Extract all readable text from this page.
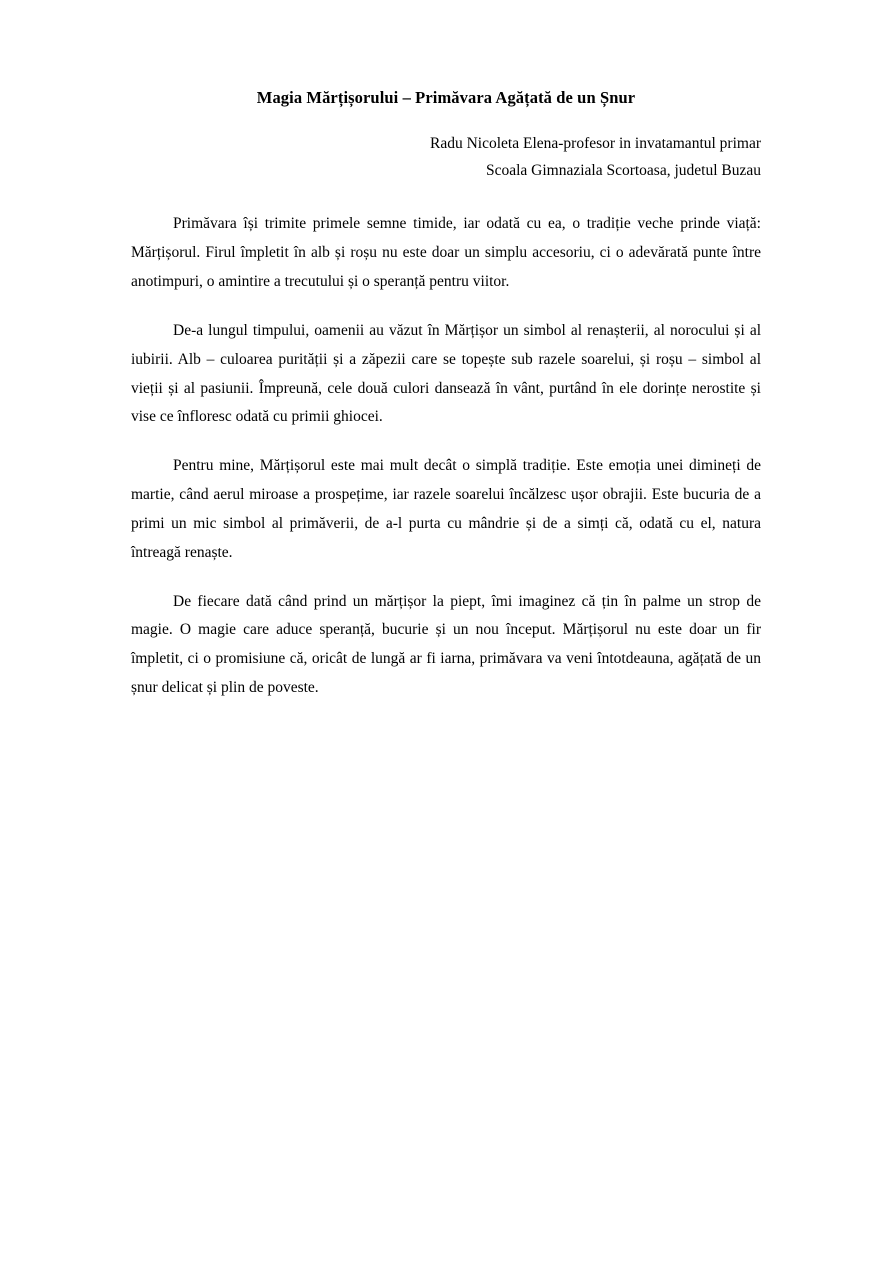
Magia Mărțișorului – Primăvara Agățată de un Șnur
Radu Nicoleta Elena-profesor in invatamantul primar
Scoala Gimnaziala Scortoasa, judetul Buzau

Primăvara își trimite primele semne timide, iar odată cu ea, o tradiție veche prinde viață: Mărțișorul. Firul împletit în alb și roșu nu este doar un simplu accesoriu, ci o adevărată punte între anotimpuri, o amintire a trecutului și o speranță pentru viitor.

De-a lungul timpului, oamenii au văzut în Mărțișor un simbol al renașterii, al norocului și al iubirii. Alb – culoarea purității și a zăpezii care se topește sub razele soarelui, și roșu – simbol al vieții și al pasiunii. Împreună, cele două culori dansează în vânt, purtând în ele dorințe nerostite și vise ce înfloresc odată cu primii ghiocei.

Pentru mine, Mărțișorul este mai mult decât o simplă tradiție. Este emoția unei dimineți de martie, când aerul miroase a prospețime, iar razele soarelui încălzesc ușor obrajii. Este bucuria de a primi un mic simbol al primăverii, de a-l purta cu mândrie și de a simți că, odată cu el, natura întreagă renaște.

De fiecare dată când prind un mărțișor la piept, îmi imaginez că țin în palme un strop de magie. O magie care aduce speranță, bucurie și un nou început. Mărțișorul nu este doar un fir împletit, ci o promisiune că, oricât de lungă ar fi iarna, primăvara va veni întotdeauna, agățată de un șnur delicat și plin de poveste.
